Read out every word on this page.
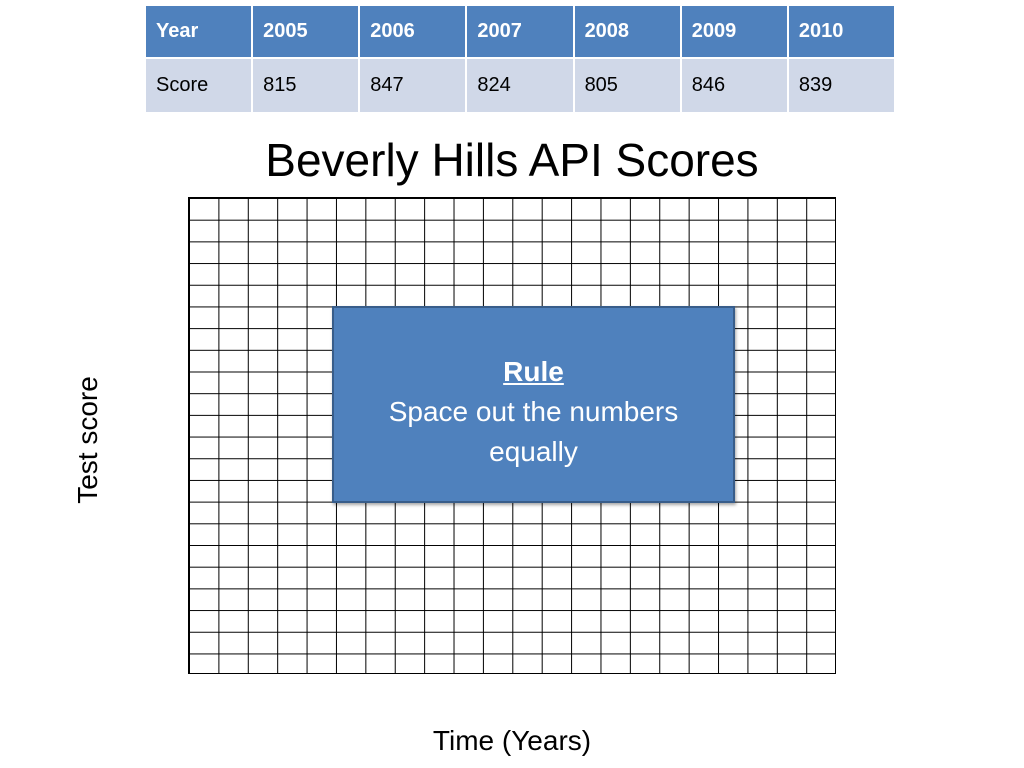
Year	2005	2006	2007	2008	2009	2010
Score	815	847	824	805	846	839
Beverly Hills API Scores
Test score
Time (Years)
Rule
Space out the numbers
equally
